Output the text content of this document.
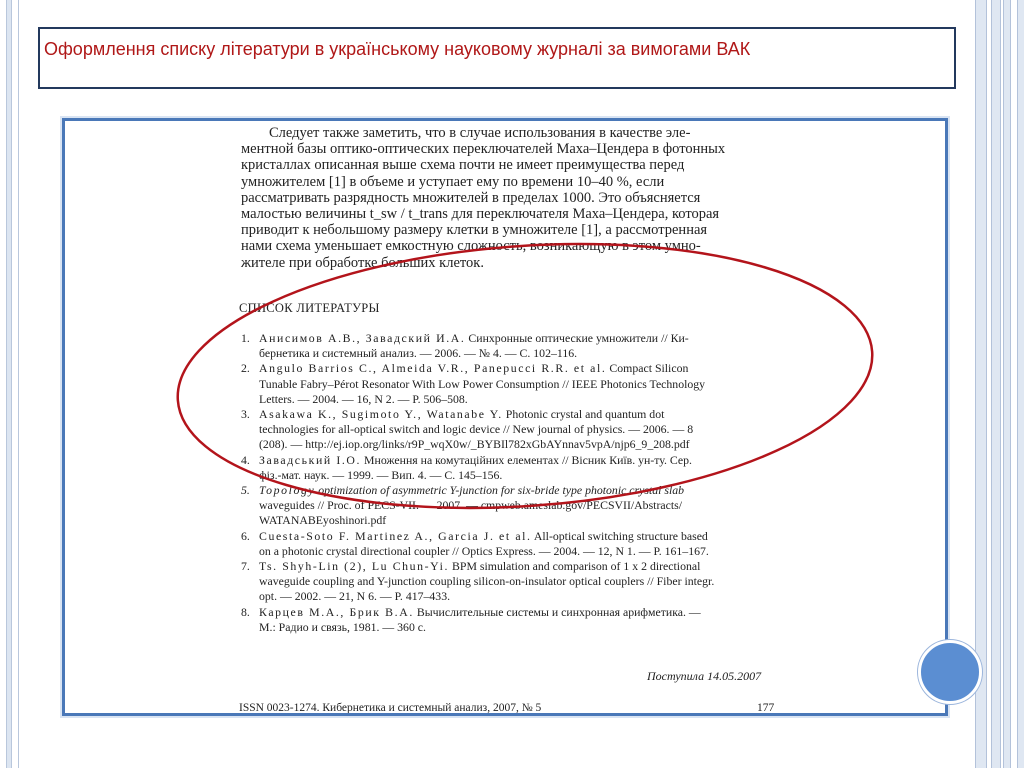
Оформлення списку літератури в українському науковому журналі за вимогами ВАК
Следует также заметить, что в случае использования в качестве эле-
ментной базы оптико-оптических переключателей Маха–Цендера в фотонных
кристаллах описанная выше схема почти не имеет преимущества перед
умножителем [1] в объеме и уступает ему по времени 10–40 %, если
рассматривать разрядность множителей в пределах 1000. Это объясняется
малостью величины t_sw / t_trans для переключателя Маха–Цендера, которая
приводит к небольшому размеру клетки в умножителе [1], а рассмотренная
нами схема уменьшает емкостную сложность, возникающую в этом умно-
жителе при обработке больших клеток.
СПИСОК ЛИТЕРАТУРЫ
1. Анисимов А.В., Завадский И.А. Синхронные оптические умножители // Ки-
бернетика и системный анализ. — 2006. — № 4. — С. 102–116.
2. Angulo Barrios C., Almeida V.R., Panepucci R.R. et al. Compact Silicon
Tunable Fabry–Pérot Resonator With Low Power Consumption // IEEE Photonics Technology
Letters. — 2004. — 16, N 2. — P. 506–508.
3. Asakawa K., Sugimoto Y., Watanabe Y. Photonic crystal and quantum dot
technologies for all-optical switch and logic device // New journal of physics. — 2006. — 8
(208). — http://ej.iop.org/links/r9P_wqX0w/_BYBIl782xGbAYnnav5vpA/njp6_9_208.pdf
4. Завадський І.О. Множення на комутаційних елементах // Вісник Київ. ун-ту. Сер.
фіз.-мат. наук. — 1999. — Вип. 4. — С. 145–156.
5. Topology optimization of asymmetric Y-junction for six-bride type photonic crystal slab
waveguides // Proc. of PECS-VII. — 2007. — cmpweb.ameslab.gov/PECSVII/Abstracts/
WATANABEyoshinori.pdf
6. Cuesta-Soto F. Martinez A., Garcia J. et al. All-optical switching structure based
on a photonic crystal directional coupler // Optics Express. — 2004. — 12, N 1. — P. 161–167.
7. Ts. Shyh-Lin (2), Lu Chun-Yi. BPM simulation and comparison of 1 x 2 directional
waveguide coupling and Y-junction coupling silicon-on-insulator optical couplers // Fiber integr.
opt. — 2002. — 21, N 6. — P. 417–433.
8. Карцев М.А., Брик В.А. Вычислительные системы и синхронная арифметика. —
М.: Радио и связь, 1981. — 360 с.
Поступила 14.05.2007
ISSN 0023-1274. Кибернетика и системный анализ, 2007, № 5	177
